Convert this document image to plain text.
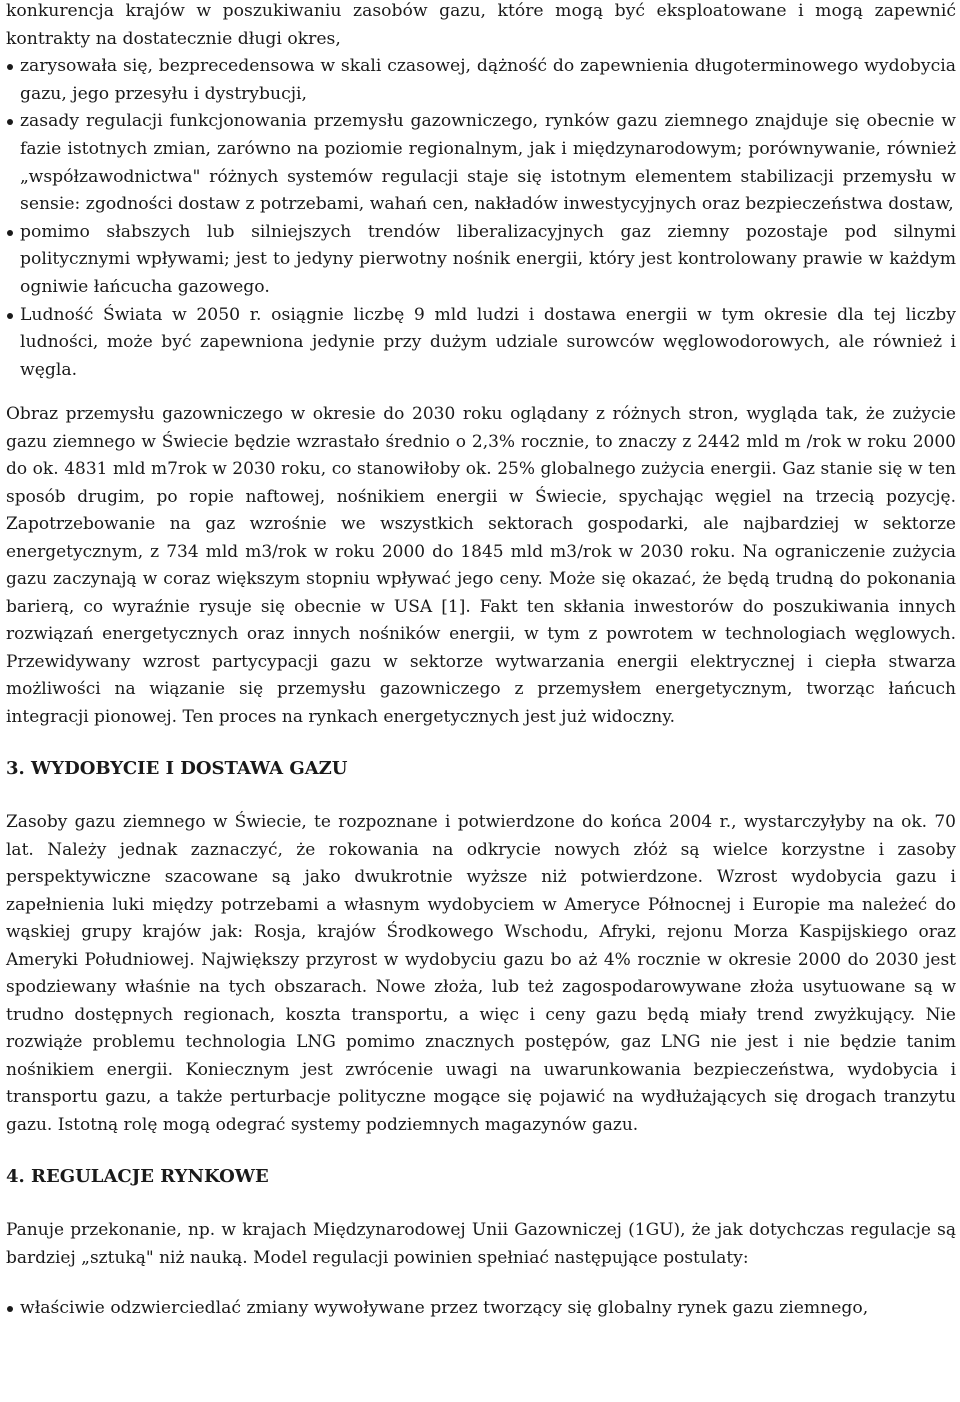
konkurencja krajów w poszukiwaniu zasobów gazu, które mogą być eksploatowane i mogą zapewnić kontrakty na dostatecznie długi okres,
zarysowała się, bezprecedensowa w skali czasowej, dążność do zapewnienia długoterminowego wydobycia gazu, jego przesyłu i dystrybucji,
zasady regulacji funkcjonowania przemysłu gazowniczego, rynków gazu ziemnego znajduje się obecnie w fazie istotnych zmian, zarówno na poziomie regionalnym, jak i międzynarodowym; porównywanie, również „współzawodnictwa" różnych systemów regulacji staje się istotnym elementem stabilizacji przemysłu w sensie: zgodności dostaw z potrzebami, wahań cen, nakładów inwestycyjnych oraz bezpieczeństwa dostaw,
pomimo słabszych lub silniejszych trendów liberalizacyjnych gaz ziemny pozostaje pod silnymi politycznymi wpływami; jest to jedyny pierwotny nośnik energii, który jest kontrolowany prawie w każdym ogniwie łańcucha gazowego.
Ludność Świata w 2050 r. osiągnie liczbę 9 mld ludzi i dostawa energii w tym okresie dla tej liczby ludności, może być zapewniona jedynie przy dużym udziale surowców węglowodorowych, ale również i węgla.

Obraz przemysłu gazowniczego w okresie do 2030 roku oglądany z różnych stron, wygląda tak, że zużycie gazu ziemnego w Świecie będzie wzrastało średnio o 2,3% rocznie, to znaczy z 2442 mld m /rok w roku 2000 do ok. 4831 mld m7rok w 2030 roku, co stanowiłoby ok. 25% globalnego zużycia energii. Gaz stanie się w ten sposób drugim, po ropie naftowej, nośnikiem energii w Świecie, spychając węgiel na trzecią pozycję. Zapotrzebowanie na gaz wzrośnie we wszystkich sektorach gospodarki, ale najbardziej w sektorze energetycznym, z 734 mld m3/rok w roku 2000 do 1845 mld m3/rok w 2030 roku. Na ograniczenie zużycia gazu zaczynają w coraz większym stopniu wpływać jego ceny. Może się okazać, że będą trudną do pokonania barierą, co wyraźnie rysuje się obecnie w USA [1]. Fakt ten skłania inwestorów do poszukiwania innych rozwiązań energetycznych oraz innych nośników energii, w tym z powrotem w technologiach węglowych. Przewidywany wzrost partycypacji gazu w sektorze wytwarzania energii elektrycznej i ciepła stwarza możliwości na wiązanie się przemysłu gazowniczego z przemysłem energetycznym, tworząc łańcuch integracji pionowej. Ten proces na rynkach energetycznych jest już widoczny.

3. WYDOBYCIE I DOSTAWA GAZU

Zasoby gazu ziemnego w Świecie, te rozpoznane i potwierdzone do końca 2004 r., wystarczyłyby na ok. 70 lat. Należy jednak zaznaczyć, że rokowania na odkrycie nowych złóż są wielce korzystne i zasoby perspektywiczne szacowane są jako dwukrotnie wyższe niż potwierdzone. Wzrost wydobycia gazu i zapełnienia luki między potrzebami a własnym wydobyciem w Ameryce Północnej i Europie ma należeć do wąskiej grupy krajów jak: Rosja, krajów Środkowego Wschodu, Afryki, rejonu Morza Kaspijskiego oraz Ameryki Południowej. Największy przyrost w wydobyciu gazu bo aż 4% rocznie w okresie 2000 do 2030 jest spodziewany właśnie na tych obszarach. Nowe złoża, lub też zagospodarowywane złoża usytuowane są w trudno dostępnych regionach, koszta transportu, a więc i ceny gazu będą miały trend zwyżkujący. Nie rozwiąże problemu technologia LNG pomimo znacznych postępów, gaz LNG nie jest i nie będzie tanim nośnikiem energii. Koniecznym jest zwrócenie uwagi na uwarunkowania bezpieczeństwa, wydobycia i transportu gazu, a także perturbacje polityczne mogące się pojawić na wydłużających się drogach tranzytu gazu. Istotną rolę mogą odegrać systemy podziemnych magazynów gazu.

4. REGULACJE RYNKOWE

Panuje przekonanie, np. w krajach Międzynarodowej Unii Gazowniczej (1GU), że jak dotychczas regulacje są bardziej „sztuką" niż nauką. Model regulacji powinien spełniać następujące postulaty:

właściwie odzwierciedlać zmiany wywoływane przez tworzący się globalny rynek gazu ziemnego,
